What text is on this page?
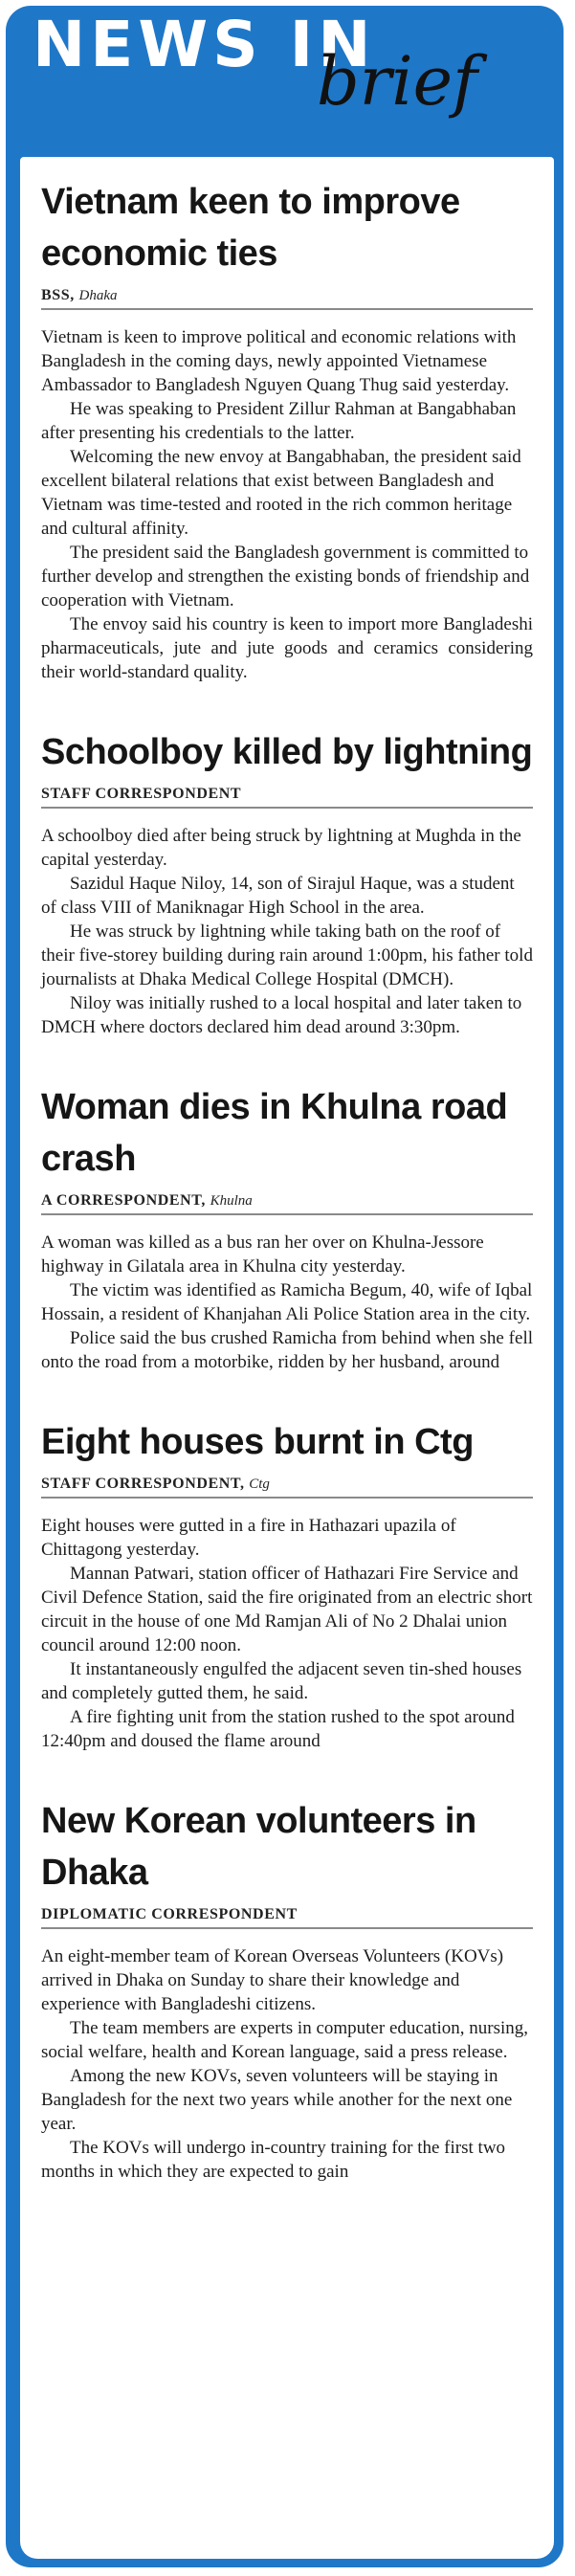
NEWS IN
brief
Vietnam keen to improve economic ties
BSS, Dhaka

Vietnam is keen to improve political and economic relations with Bangladesh in the coming days, newly appointed Vietnamese Ambassador to Bangladesh Nguyen Quang Thug said yesterday.

He was speaking to President Zillur Rahman at Bangabhaban after presenting his credentials to the latter.

Welcoming the new envoy at Bangabhaban, the president said excellent bilateral relations that exist between Bangladesh and Vietnam was time-tested and rooted in the rich common heritage and cultural affinity.

The president said the Bangladesh government is committed to further develop and strengthen the existing bonds of friendship and cooperation with Vietnam.

The envoy said his country is keen to import more Bangladeshi pharmaceuticals, jute and jute goods and ceramics considering their world-standard quality.

Schoolboy killed by lightning
STAFF CORRESPONDENT

A schoolboy died after being struck by lightning at Mughda in the capital yesterday.

Sazidul Haque Niloy, 14, son of Sirajul Haque, was a student of class VIII of Maniknagar High School in the area.

He was struck by lightning while taking bath on the roof of their five-storey building during rain around 1:00pm, his father told journalists at Dhaka Medical College Hospital (DMCH).

Niloy was initially rushed to a local hospital and later taken to DMCH where doctors declared him dead around 3:30pm.

Woman dies in Khulna road crash
A CORRESPONDENT, Khulna

A woman was killed as a bus ran her over on Khulna-Jessore highway in Gilatala area in Khulna city yesterday.

The victim was identified as Ramicha Begum, 40, wife of Iqbal Hossain, a resident of Khanjahan Ali Police Station area in the city.

Police said the bus crushed Ramicha from behind when she fell onto the road from a motorbike, ridden by her husband, around

Eight houses burnt in Ctg
STAFF CORRESPONDENT, Ctg

Eight houses were gutted in a fire in Hathazari upazila of Chittagong yesterday.

Mannan Patwari, station officer of Hathazari Fire Service and Civil Defence Station, said the fire originated from an electric short circuit in the house of one Md Ramjan Ali of No 2 Dhalai union council around 12:00 noon.

It instantaneously engulfed the adjacent seven tin-shed houses and completely gutted them, he said.

A fire fighting unit from the station rushed to the spot around 12:40pm and doused the flame around

New Korean volunteers in Dhaka
DIPLOMATIC CORRESPONDENT

An eight-member team of Korean Overseas Volunteers (KOVs) arrived in Dhaka on Sunday to share their knowledge and experience with Bangladeshi citizens.

The team members are experts in computer education, nursing, social welfare, health and Korean language, said a press release.

Among the new KOVs, seven volunteers will be staying in Bangladesh for the next two years while another for the next one year.

The KOVs will undergo in-country training for the first two months in which they are expected to gain
